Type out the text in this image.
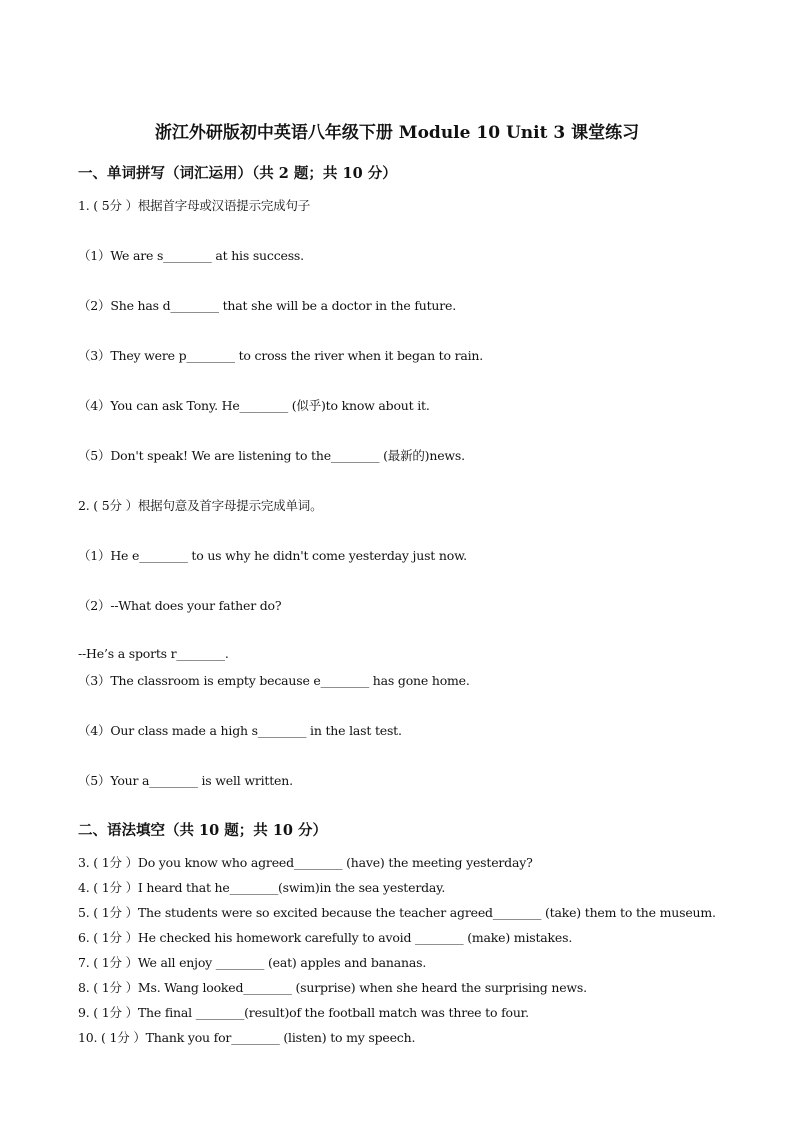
浙江外研版初中英语八年级下册 Module 10 Unit 3 课堂练习
一、单词拼写（词汇运用）（共 2 题；共 10 分）
1. ( 5分 ）根据首字母或汉语提示完成句子
（1）We are s________ at his success.
（2）She has d________ that she will be a doctor in the future.
（3）They were p________ to cross the river when it began to rain.
（4）You can ask Tony. He________ (似乎)to know about it.
（5）Don't speak! We are listening to the________ (最新的)news.
2. ( 5分 ）根据句意及首字母提示完成单词。
（1）He e________ to us why he didn't come yesterday just now.
（2）--What does your father do?
--He’s a sports r________.
（3）The classroom is empty because e________ has gone home.
（4）Our class made a high s________ in the last test.
（5）Your a________ is well written.
二、语法填空（共 10 题；共 10 分）
3. ( 1分 ）Do you know who agreed________ (have) the meeting yesterday?
4. ( 1分 ）I heard that he________(swim)in the sea yesterday.
5. ( 1分 ）The students were so excited because the teacher agreed________ (take) them to the museum.
6. ( 1分 ）He checked his homework carefully to avoid ________ (make) mistakes.
7. ( 1分 ）We all enjoy ________ (eat) apples and bananas.
8. ( 1分 ）Ms. Wang looked________ (surprise) when she heard the surprising news.
9. ( 1分 ）The final ________(result)of the football match was three to four.
10. ( 1分 ）Thank you for________ (listen) to my speech.
